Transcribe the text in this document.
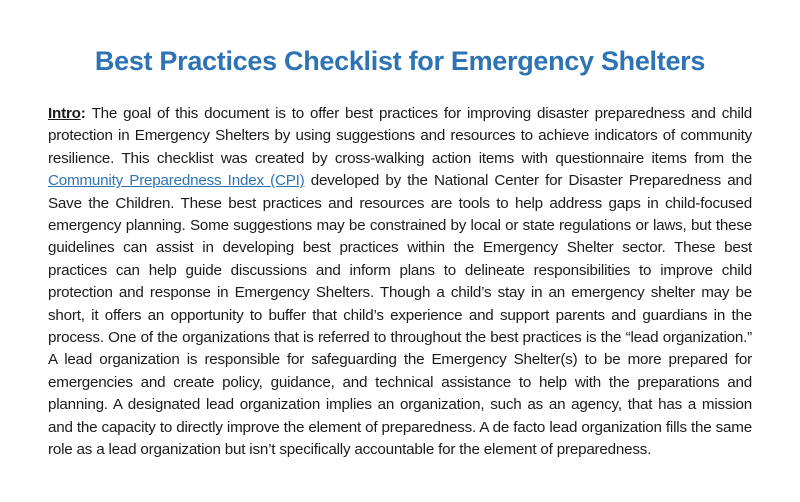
Best Practices Checklist for Emergency Shelters

Intro: The goal of this document is to offer best practices for improving disaster preparedness and child protection in Emergency Shelters by using suggestions and resources to achieve indicators of community resilience. This checklist was created by cross-walking action items with questionnaire items from the Community Preparedness Index (CPI) developed by the National Center for Disaster Preparedness and Save the Children. These best practices and resources are tools to help address gaps in child-focused emergency planning. Some suggestions may be constrained by local or state regulations or laws, but these guidelines can assist in developing best practices within the Emergency Shelter sector. These best practices can help guide discussions and inform plans to delineate responsibilities to improve child protection and response in Emergency Shelters. Though a child’s stay in an emergency shelter may be short, it offers an opportunity to buffer that child’s experience and support parents and guardians in the process. One of the organizations that is referred to throughout the best practices is the “lead organization.” A lead organization is responsible for safeguarding the Emergency Shelter(s) to be more prepared for emergencies and create policy, guidance, and technical assistance to help with the preparations and planning. A designated lead organization implies an organization, such as an agency, that has a mission and the capacity to directly improve the element of preparedness. A de facto lead organization fills the same role as a lead organization but isn’t specifically accountable for the element of preparedness.
